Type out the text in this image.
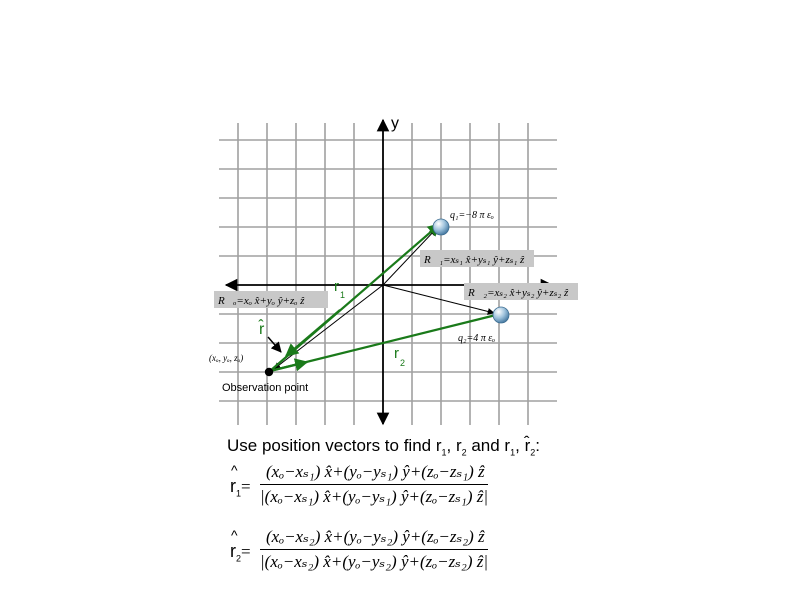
y
q₁=−8 π εₒ
q₂=4 π εₒ
R⃗₁=xₛ₁ x̂+yₛ₁ ŷ+zₛ₁ ẑ
R⃗₂=xₛ₂ x̂+yₛ₂ ŷ+zₛ₂ ẑ
R⃗ₒ=xₒ x̂+yₒ ŷ+zₒ ẑ
r 1
r
2
r̂
(xₒ, yₒ, zₒ)
Observation point
Use position vectors to find $r_1$, $r_2$ and $r_1$, $r̂_2$:
^ $r_1= \frac{\text{(xₒ−xₛ₁) x̂+(yₒ−yₛ₁) ŷ+(zₒ−zₛ₁) ẑ}}{\text{|(xₒ−xₛ₁) x̂+(yₒ−yₛ₁) ŷ+(zₒ−zₛ₁) ẑ|}}$
^ $r_2= \frac{\text{(xₒ−xₛ₂) x̂+(yₒ−yₛ₂) ŷ+(zₒ−zₛ₂) ẑ}}{\text{|(xₒ−xₛ₂) x̂+(yₒ−yₛ₂) ŷ+(zₒ−zₛ₂) ẑ|}}$
